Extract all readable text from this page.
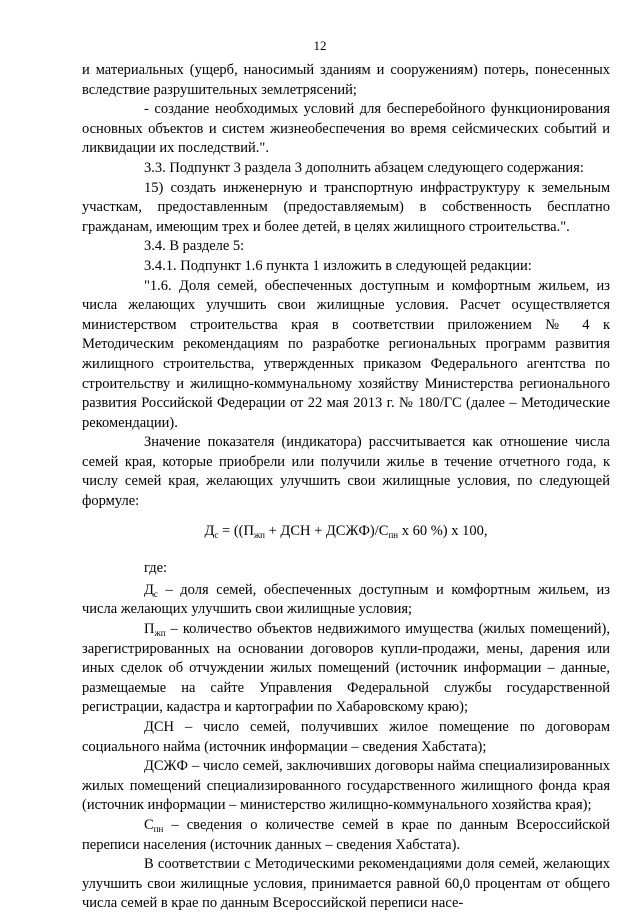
12

и материальных (ущерб, наносимый зданиям и сооружениям) потерь, понесенных вследствие разрушительных землетрясений;

- создание необходимых условий для бесперебойного функционирования основных объектов и систем жизнеобеспечения во время сейсмических событий и ликвидации их последствий.".

3.3. Подпункт 3 раздела 3 дополнить абзацем следующего содержания:

15) создать инженерную и транспортную инфраструктуру к земельным участкам, предоставленным (предоставляемым) в собственность бесплатно гражданам, имеющим трех и более детей, в целях жилищного строительства.".

3.4. В разделе 5:

3.4.1. Подпункт 1.6 пункта 1 изложить в следующей редакции:

"1.6. Доля семей, обеспеченных доступным и комфортным жильем, из числа желающих улучшить свои жилищные условия. Расчет осуществляется министерством строительства края в соответствии приложением № 4 к Методическим рекомендациям по разработке региональных программ развития жилищного строительства, утвержденных приказом Федерального агентства по строительству и жилищно-коммунальному хозяйству Министерства регионального развития Российской Федерации от 22 мая 2013 г. № 180/ГС (далее – Методические рекомендации).

Значение показателя (индикатора) рассчитывается как отношение числа семей края, которые приобрели или получили жилье в течение отчетного года, к числу семей края, желающих улучшить свои жилищные условия, по следующей формуле:

$Д_с = ((П_{жп}$ + ДСН + $ДСЖФ)/С_{пн}$ х 60 %) х 100,

где:

$Д_с$ – доля семей, обеспеченных доступным и комфортным жильем, из числа желающих улучшить свои жилищные условия;

$П_{жп}$ – количество объектов недвижимого имущества (жилых помещений), зарегистрированных на основании договоров купли-продажи, мены, дарения или иных сделок об отчуждении жилых помещений (источник информации – данные, размещаемые на сайте Управления Федеральной службы государственной регистрации, кадастра и картографии по Хабаровскому краю);

ДСН – число семей, получивших жилое помещение по договорам социального найма (источник информации – сведения Хабстата);

ДСЖФ – число семей, заключивших договоры найма специализированных жилых помещений специализированного государственного жилищного фонда края (источник информации – министерство жилищно-коммунального хозяйства края);

$С_{пн}$ – сведения о количестве семей в крае по данным Всероссийской переписи населения (источник данных – сведения Хабстата).

В соответствии с Методическими рекомендациями доля семей, желающих улучшить свои жилищные условия, принимается равной 60,0 процентам от общего числа семей в крае по данным Всероссийской переписи насе-
